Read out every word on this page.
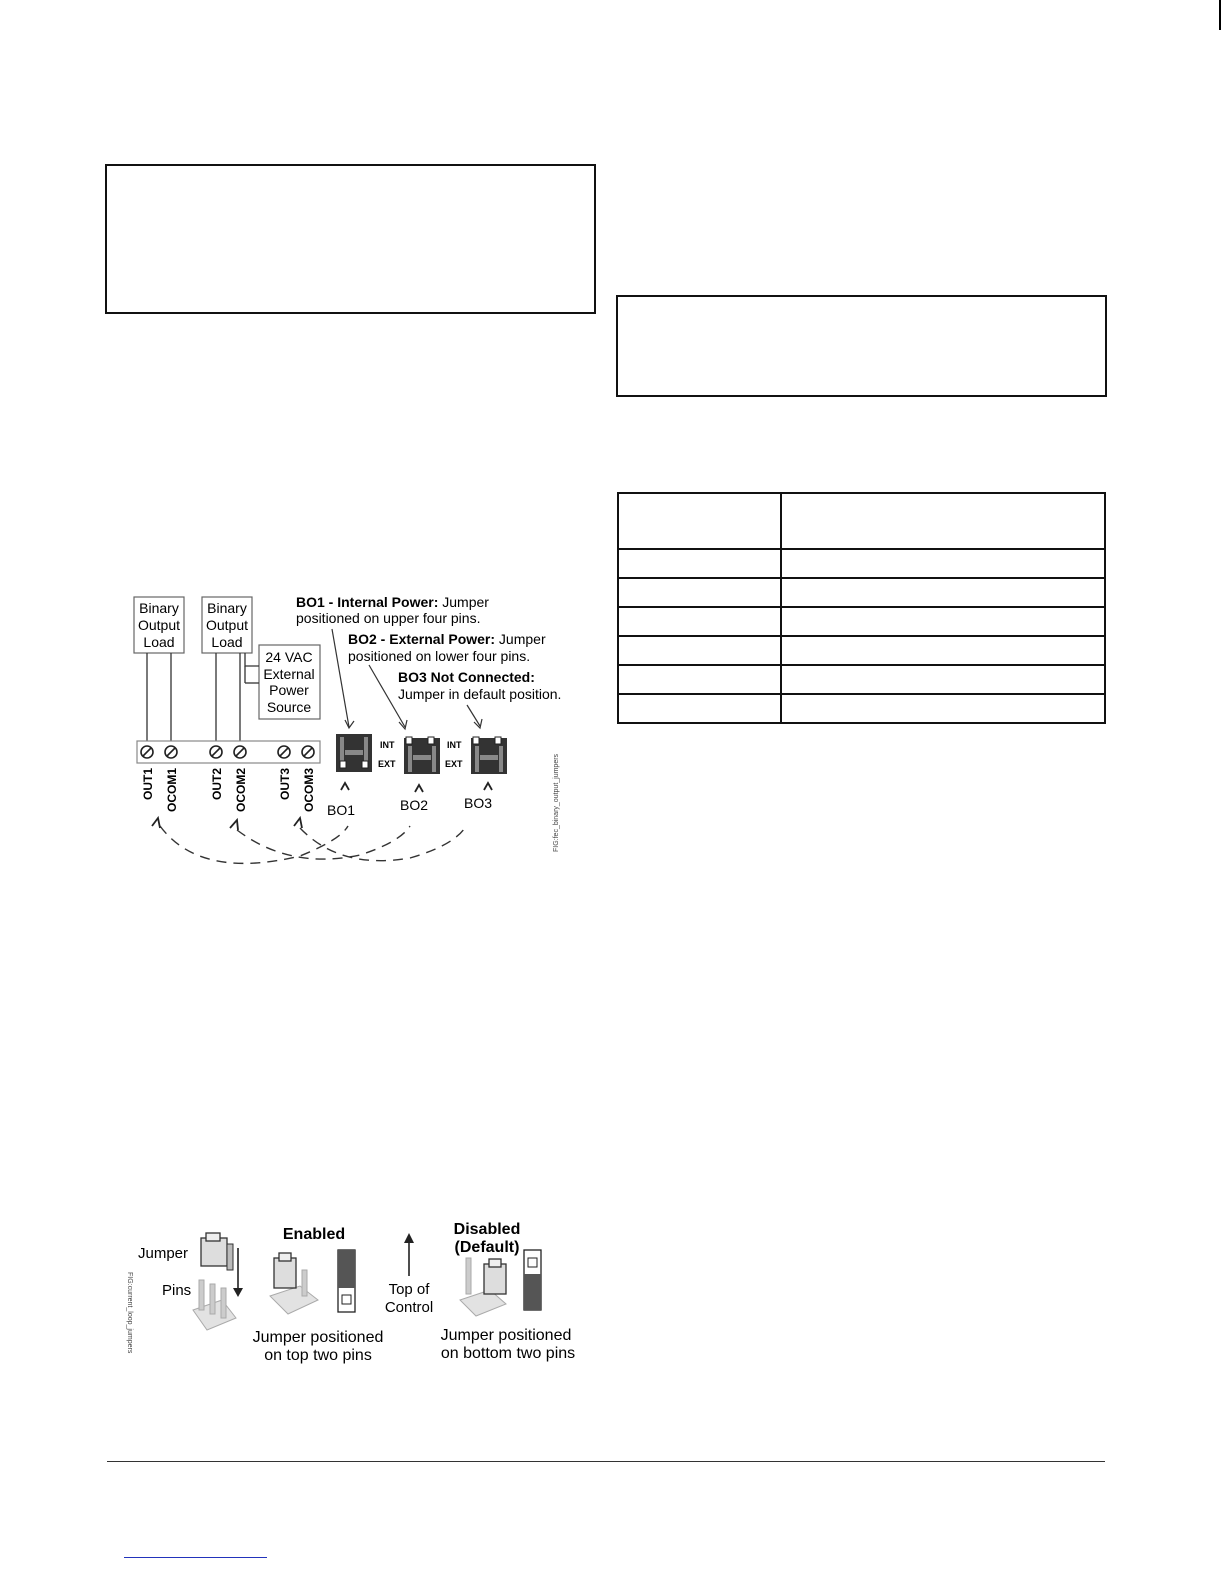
Binary
Output
Load
Binary
Output
Load
24 VAC
External
Power
Source
OUT1 OCOM1	OUT2 OCOM2	OUT3 OCOM3
BO1 - Internal Power: Jumper
positioned on upper four pins.
BO2 - External Power: Jumper
positioned on lower four pins.
BO3 Not Connected:
Jumper in default position.
INT
EXT
INT
EXT
BO1	BO2	BO3	FIG:fec_binary_output_jumpers
FIG:current_loop_jumpers
Jumper
Pins
Enabled
Jumper positioned
on top two pins
Top of
Control
Disabled
(Default)
Jumper positioned
on bottom two pins
